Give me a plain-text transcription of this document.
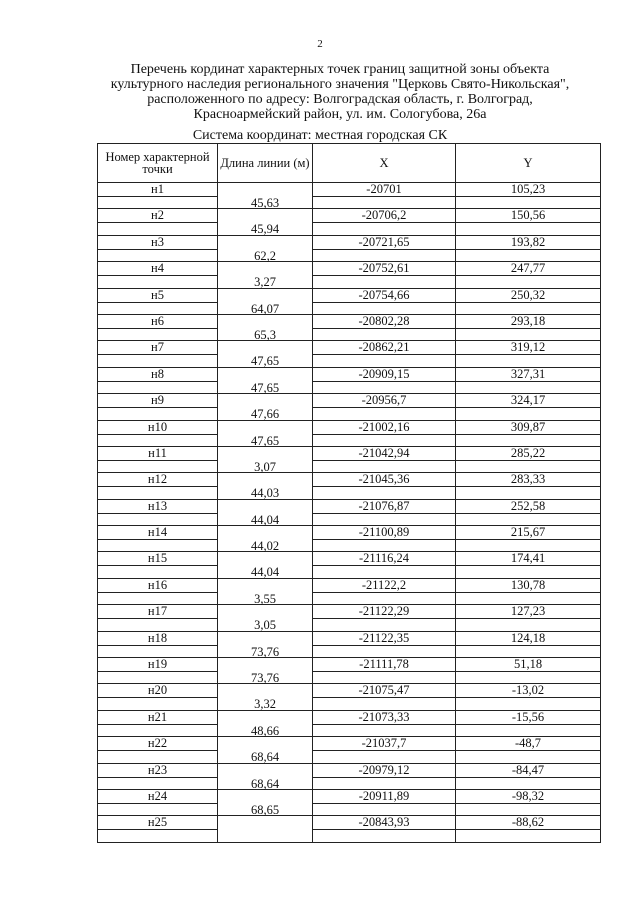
2
Перечень кординат характерных точек границ защитной зоны объекта
культурного наследия регионального значения "Церковь Свято-Никольская",
расположенного по адресу: Волгоградская область, г. Волгоград,
Красноармейский район, ул. им. Сологубова, 26а
Система координат: местная городская СК
Номер характерной точки	Длина линии (м)	X	Y
н1	45,63	-20701	105,23
н2	45,94	-20706,2	150,56
н3	62,2	-20721,65	193,82
н4	3,27	-20752,61	247,77
н5	64,07	-20754,66	250,32
н6	65,3	-20802,28	293,18
н7	47,65	-20862,21	319,12
н8	47,65	-20909,15	327,31
н9	47,66	-20956,7	324,17
н10	47,65	-21002,16	309,87
н11	3,07	-21042,94	285,22
н12	44,03	-21045,36	283,33
н13	44,04	-21076,87	252,58
н14	44,02	-21100,89	215,67
н15	44,04	-21116,24	174,41
н16	3,55	-21122,2	130,78
н17	3,05	-21122,29	127,23
н18	73,76	-21122,35	124,18
н19	73,76	-21111,78	51,18
н20	3,32	-21075,47	-13,02
н21	48,66	-21073,33	-15,56
н22	68,64	-21037,7	-48,7
н23	68,64	-20979,12	-84,47
н24	68,65	-20911,89	-98,32
н25		-20843,93	-88,62
